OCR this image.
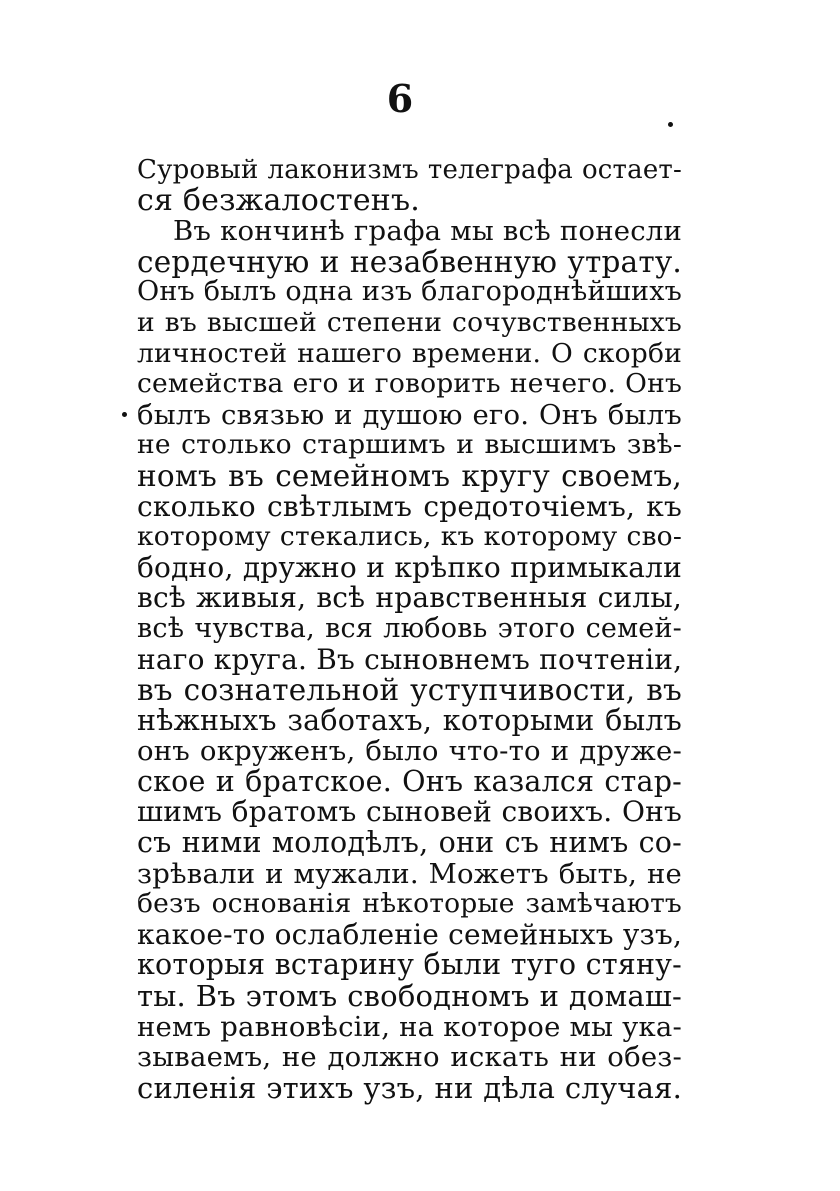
6
Суровый лаконизмъ телеграфа остает-
ся безжалостенъ.
Въ кончинѣ графа мы всѣ понесли
сердечную и незабвенную утрату.
Онъ былъ одна изъ благороднѣйшихъ
и въ высшей степени сочувственныхъ
личностей нашего времени. О скорби
семейства его и говорить нечего. Онъ
былъ связью и душою его. Онъ былъ
не столько старшимъ и высшимъ звѣ-
номъ въ семейномъ кругу своемъ,
сколько свѣтлымъ средоточіемъ, къ
которому стекались, къ которому сво-
бодно, дружно и крѣпко примыкали
всѣ живыя, всѣ нравственныя силы,
всѣ чувства, вся любовь этого семей-
наго круга. Въ сыновнемъ почтеніи,
въ сознательной уступчивости, въ
нѣжныхъ заботахъ, которыми былъ
онъ окруженъ, было что-то и друже-
ское и братское. Онъ казался стар-
шимъ братомъ сыновей своихъ. Онъ
съ ними молодѣлъ, они съ нимъ со-
зрѣвали и мужали. Можетъ быть, не
безъ основанія нѣкоторые замѣчаютъ
какое-то ослабленіе семейныхъ узъ,
которыя встарину были туго стяну-
ты. Въ этомъ свободномъ и домаш-
немъ равновѣсіи, на которое мы ука-
зываемъ, не должно искать ни обез-
силенія этихъ узъ, ни дѣла случая.
